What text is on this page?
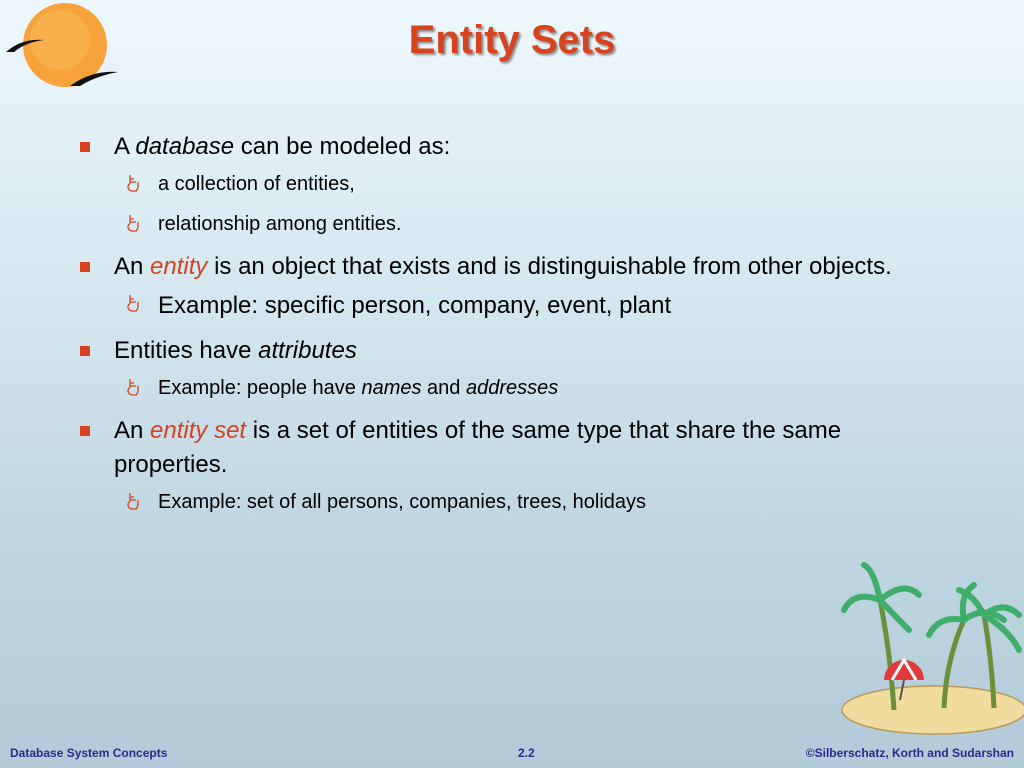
Entity Sets
A database can be modeled as:
a collection of entities,
relationship among entities.
An entity is an object that exists and is distinguishable from other objects.
Example: specific person, company, event, plant
Entities have attributes
Example: people have names and addresses
An entity set is a set of entities of the same type that share the same properties.
Example: set of all persons, companies, trees, holidays
Database System Concepts	2.2	©Silberschatz, Korth and Sudarshan
